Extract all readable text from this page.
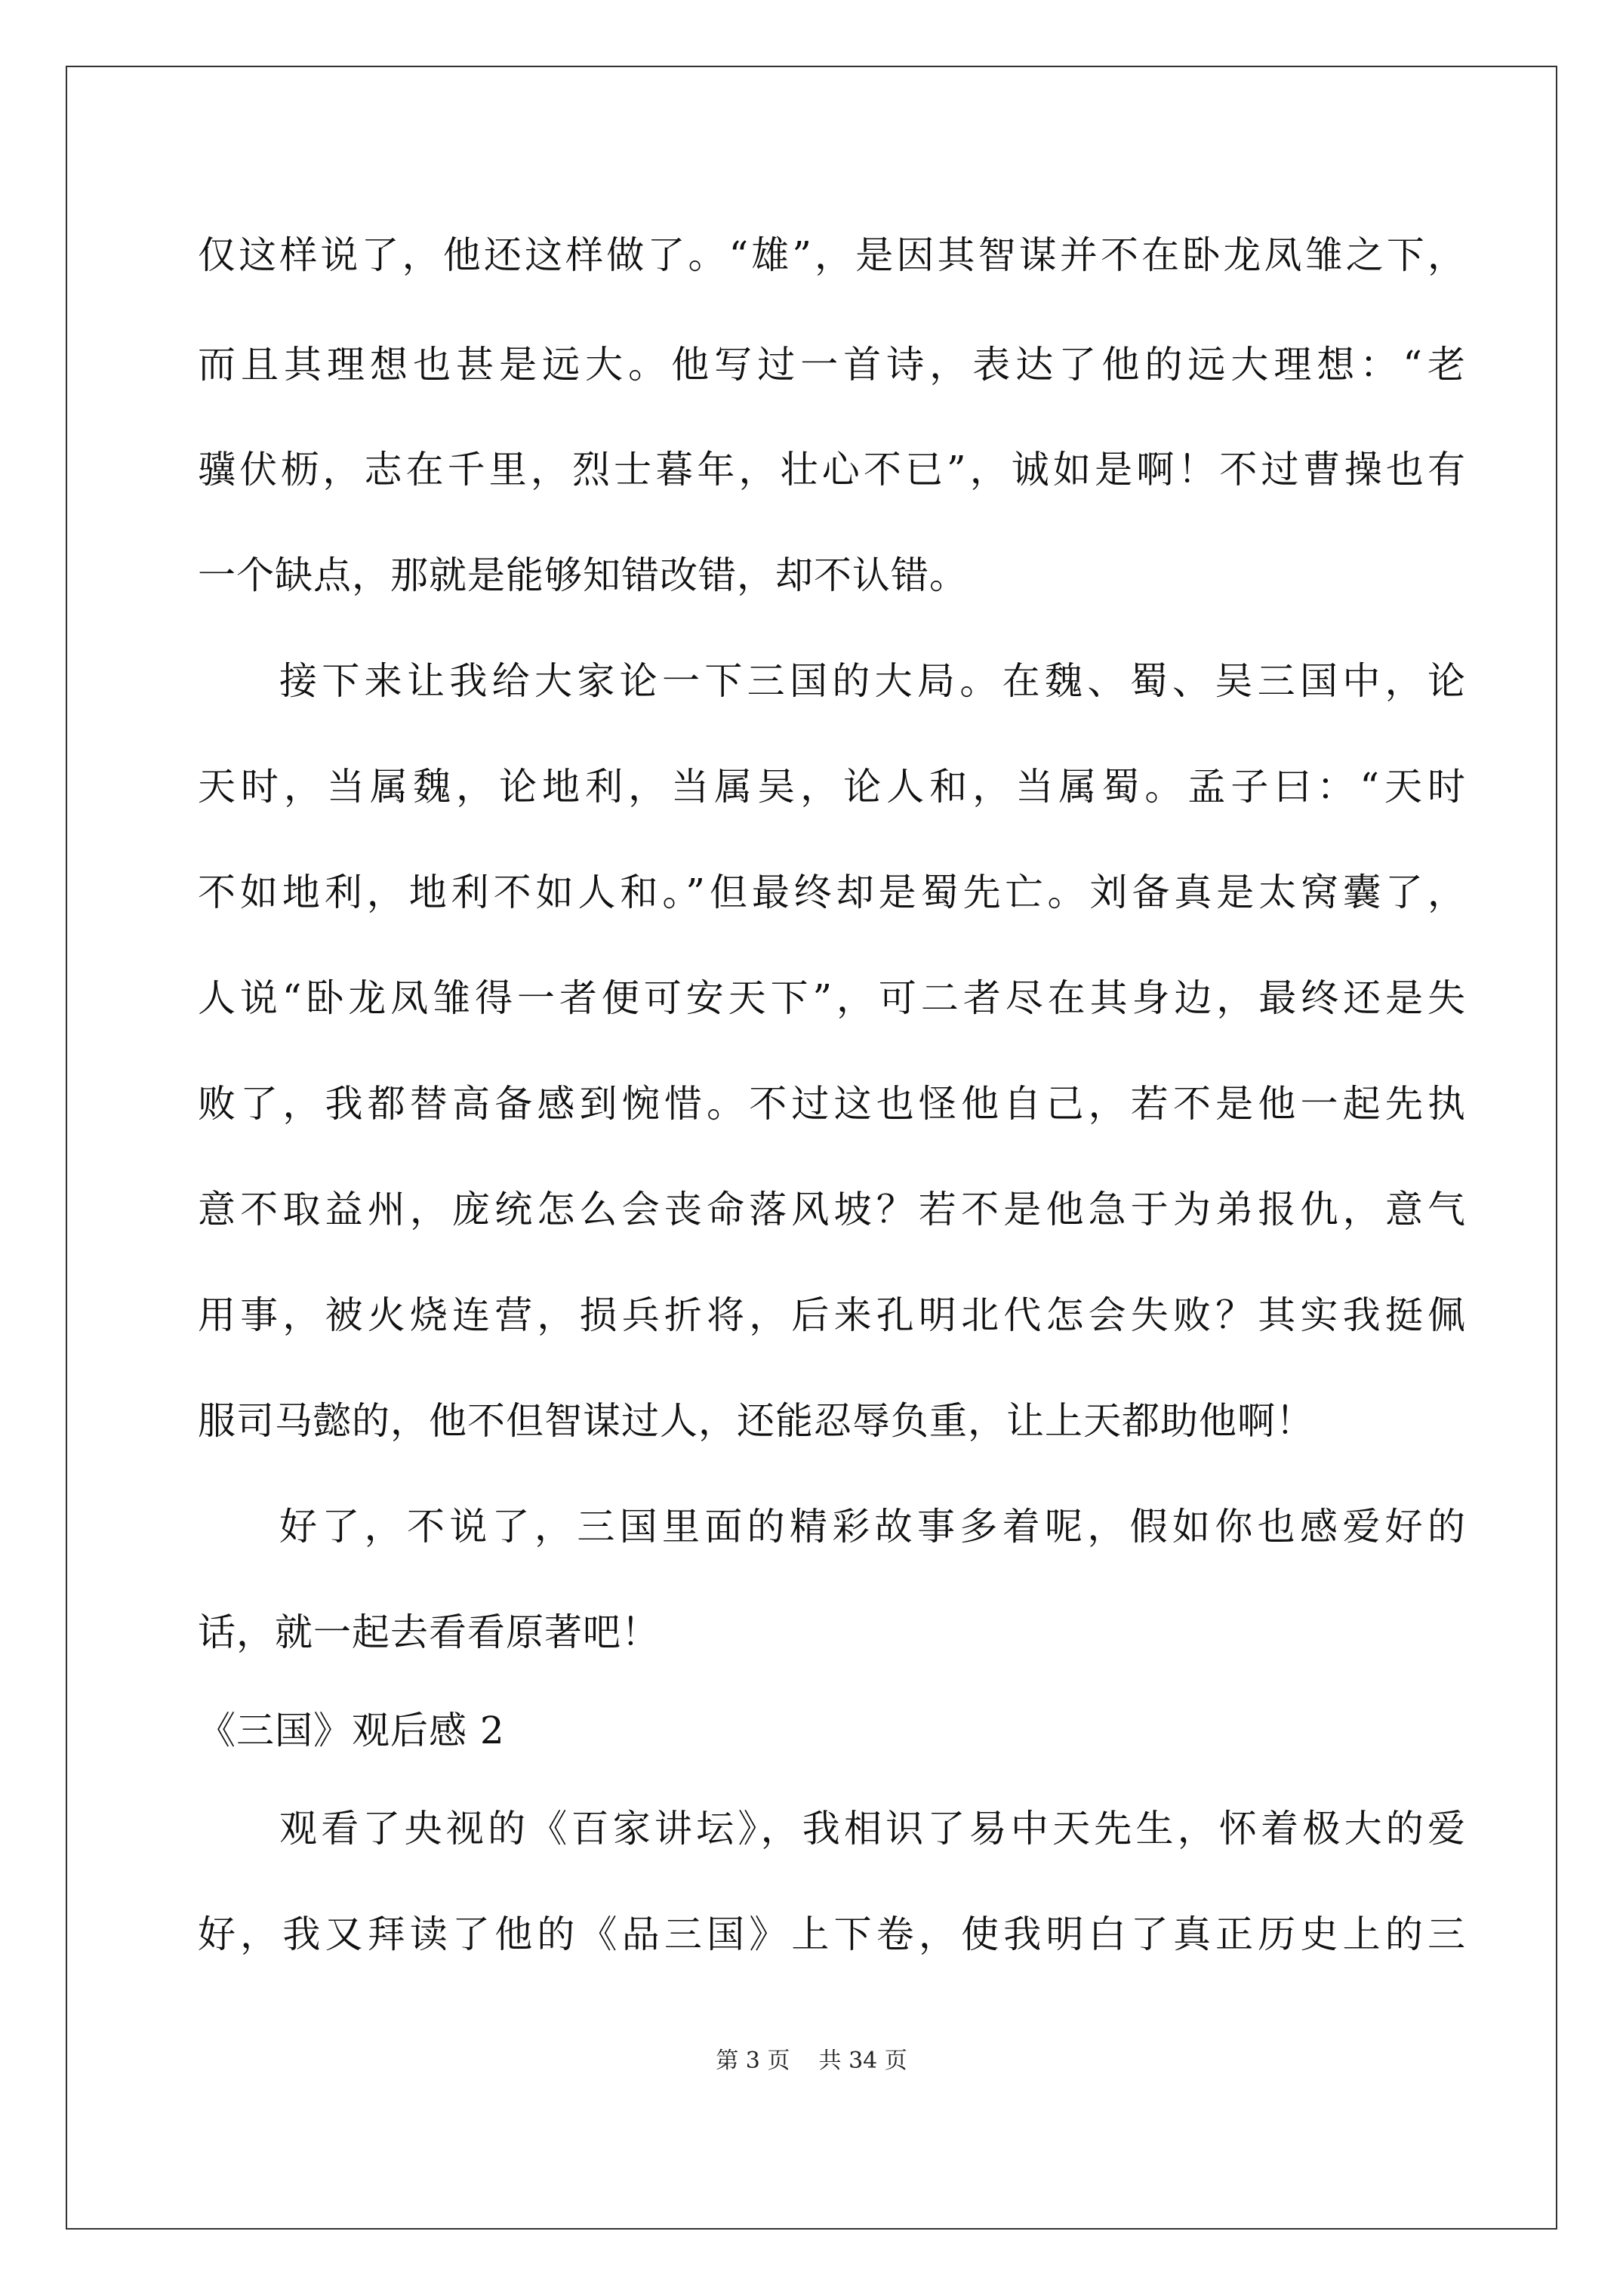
仅这样说了，他还这样做了。“雄”，是因其智谋并不在卧龙凤雏之下，
而且其理想也甚是远大。他写过一首诗，表达了他的远大理想：“老
骥伏枥，志在千里，烈士暮年，壮心不已”，诚如是啊！不过曹操也有
一个缺点，那就是能够知错改错，却不认错。
接下来让我给大家论一下三国的大局。在魏、蜀、吴三国中，论
天时，当属魏，论地利，当属吴，论人和，当属蜀。孟子曰：“天时
不如地利，地利不如人和。”但最终却是蜀先亡。刘备真是太窝囊了，
人说“卧龙凤雏得一者便可安天下”，可二者尽在其身边，最终还是失
败了，我都替高备感到惋惜。不过这也怪他自己，若不是他一起先执
意不取益州，庞统怎么会丧命落风坡？若不是他急于为弟报仇，意气
用事，被火烧连营，损兵折将，后来孔明北代怎会失败？其实我挺佩
服司马懿的，他不但智谋过人，还能忍辱负重，让上天都助他啊！
好了，不说了，三国里面的精彩故事多着呢，假如你也感爱好的
话，就一起去看看原著吧！
《三国》观后感 2
观看了央视的《百家讲坛》，我相识了易中天先生，怀着极大的爱
好，我又拜读了他的《品三国》上下卷，使我明白了真正历史上的三
第 3 页 共 34 页
